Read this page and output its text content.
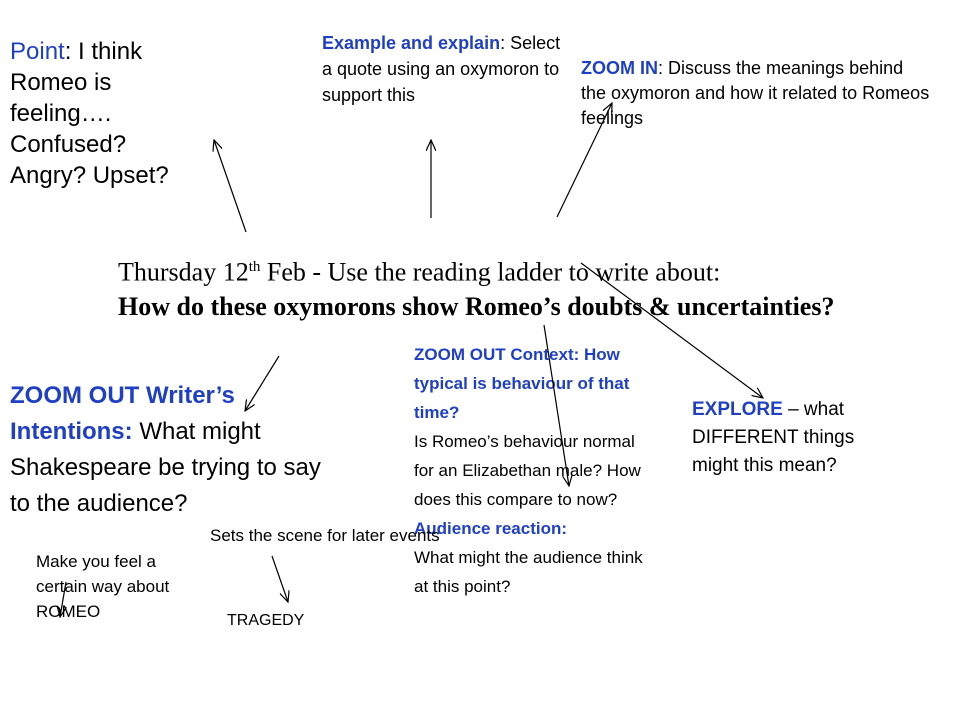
Point: I think Romeo is feeling…. Confused? Angry? Upset?
Example and explain: Select a quote using an oxymoron to support this
ZOOM IN: Discuss the meanings behind the oxymoron and how it related to Romeos feelings
Thursday 12th Feb - Use the reading ladder to write about:
How do these oxymorons show Romeo’s doubts & uncertainties?
ZOOM OUT Writer’s Intentions: What might Shakespeare be trying to say to the audience?
ZOOM OUT Context: How typical is behaviour of that time?
Is Romeo’s behaviour normal for an Elizabethan male? How does this compare to now?
Audience reaction:
What might the audience think at this point?
EXPLORE – what DIFFERENT things might this mean?
Make you feel a certain way about ROMEO
Sets the scene for later events
TRAGEDY
